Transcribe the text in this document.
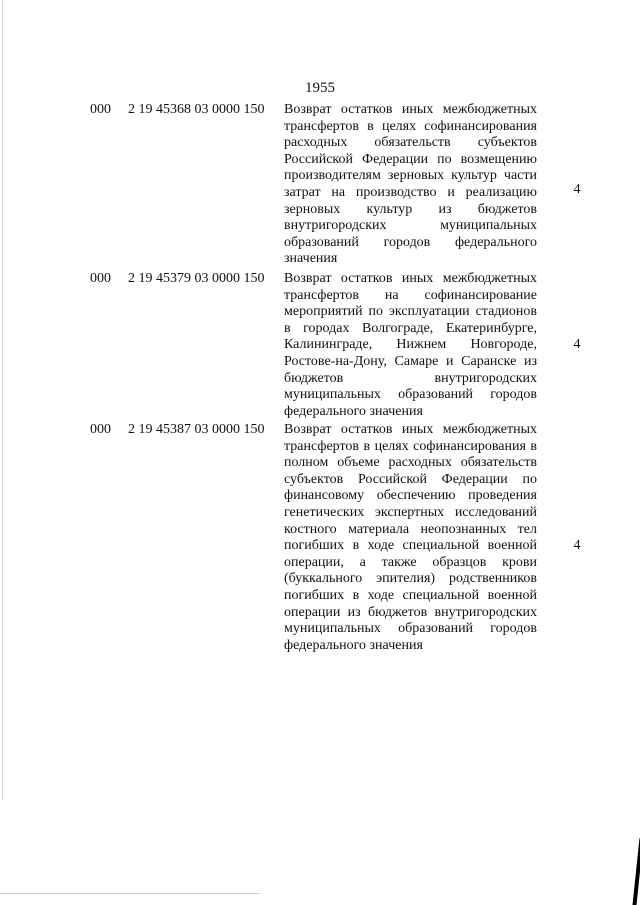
1955
000 2 19 45368 03 0000 150 Возврат остатков иных межбюджетных трансфертов в целях софинансирования расходных обязательств субъектов Российской Федерации по возмещению производителям зерновых культур части затрат на производство и реализацию зерновых культур из бюджетов внутригородских муниципальных образований городов федерального значения
4
000 2 19 45379 03 0000 150 Возврат остатков иных межбюджетных трансфертов на софинансирование мероприятий по эксплуатации стадионов в городах Волгограде, Екатеринбурге, Калининграде, Нижнем Новгороде, Ростове-на-Дону, Самаре и Саранске из бюджетов внутригородских муниципальных образований городов федерального значения
4
000 2 19 45387 03 0000 150 Возврат остатков иных межбюджетных трансфертов в целях софинансирования в полном объеме расходных обязательств субъектов Российской Федерации по финансовому обеспечению проведения генетических экспертных исследований костного материала неопознанных тел погибших в ходе специальной военной операции, а также образцов крови (буккального эпителия) родственников погибших в ходе специальной военной операции из бюджетов внутригородских муниципальных образований городов федерального значения
4
